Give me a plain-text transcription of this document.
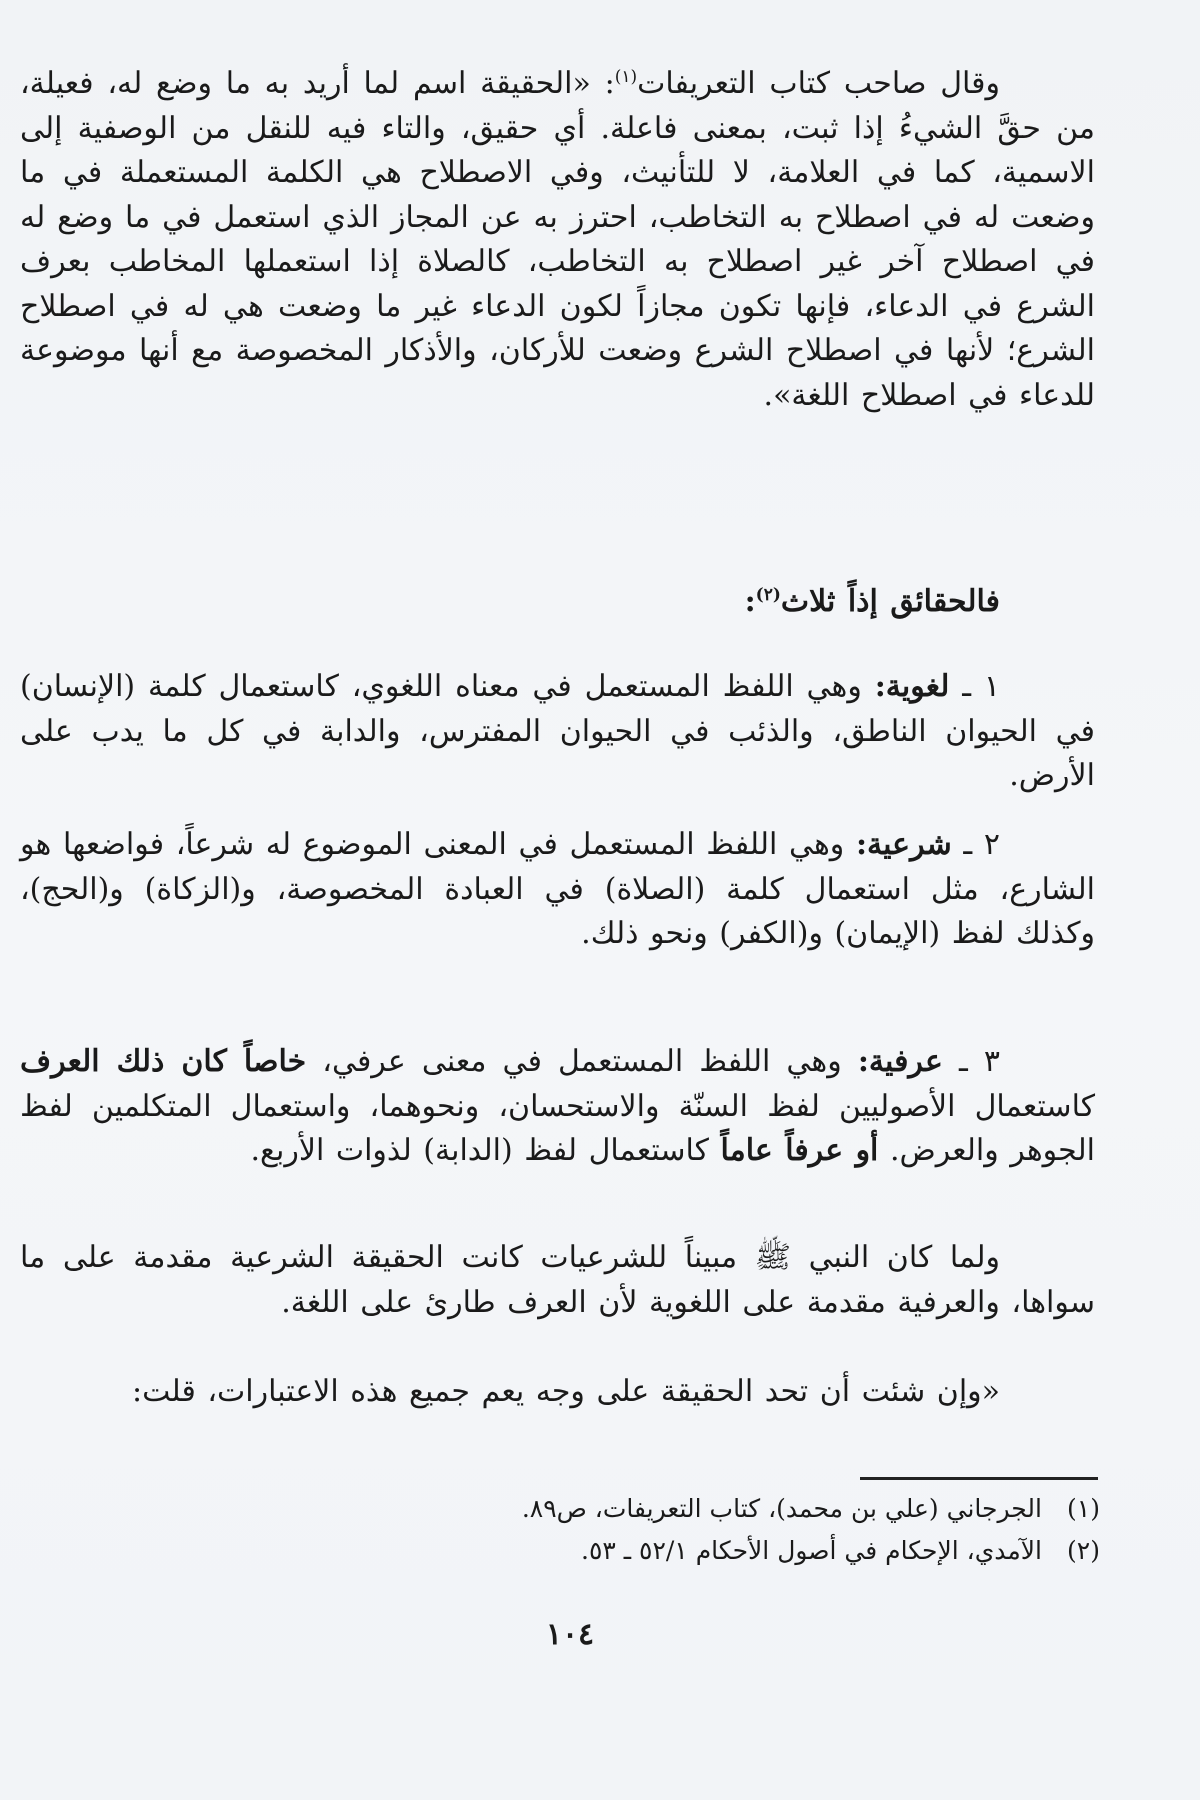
وقال صاحب كتاب التعريفات$^{(١)}$: «الحقيقة اسم لما أريد به ما وضع له، فعيلة، من حقَّ الشيءُ إذا ثبت، بمعنى فاعلة. أي حقيق، والتاء فيه للنقل من الوصفية إلى الاسمية، كما في العلامة، لا للتأنيث، وفي الاصطلاح هي الكلمة المستعملة في ما وضعت له في اصطلاح به التخاطب، احترز به عن المجاز الذي استعمل في ما وضع له في اصطلاح آخر غير اصطلاح به التخاطب، كالصلاة إذا استعملها المخاطب بعرف الشرع في الدعاء، فإنها تكون مجازاً لكون الدعاء غير ما وضعت هي له في اصطلاح الشرع؛ لأنها في اصطلاح الشرع وضعت للأركان، والأذكار المخصوصة مع أنها موضوعة للدعاء في اصطلاح اللغة».

فالحقائق إذاً ثلاث$^{(٢)}$:

١ ـ لغوية: وهي اللفظ المستعمل في معناه اللغوي، كاستعمال كلمة (الإنسان) في الحيوان الناطق، والذئب في الحيوان المفترس، والدابة في كل ما يدب على الأرض.

٢ ـ شرعية: وهي اللفظ المستعمل في المعنى الموضوع له شرعاً، فواضعها هو الشارع، مثل استعمال كلمة (الصلاة) في العبادة المخصوصة، و(الزكاة) و(الحج)، وكذلك لفظ (الإيمان) و(الكفر) ونحو ذلك.

٣ ـ عرفية: وهي اللفظ المستعمل في معنى عرفي، خاصاً كان ذلك العرف كاستعمال الأصوليين لفظ السنّة والاستحسان، ونحوهما، واستعمال المتكلمين لفظ الجوهر والعرض. أو عرفاً عاماً كاستعمال لفظ (الدابة) لذوات الأربع.

ولما كان النبي ﷺ مبيناً للشرعيات كانت الحقيقة الشرعية مقدمة على ما سواها، والعرفية مقدمة على اللغوية لأن العرف طارئ على اللغة.

«وإن شئت أن تحد الحقيقة على وجه يعم جميع هذه الاعتبارات، قلت:

(١)الجرجاني (علي بن محمد)، كتاب التعريفات، ص٨٩.
(٢)الآمدي، الإحكام في أصول الأحكام ٥٢/١ ـ ٥٣.
١٠٤
